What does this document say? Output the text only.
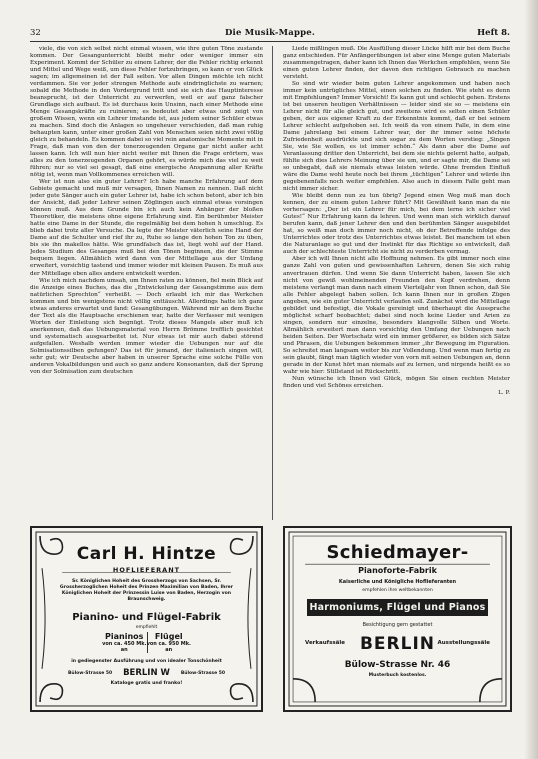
32	Die Musik-Mappe.	Heft 8.

viele, die von sich selbst nicht einmal wissen, wie ihre guten Töne zustande kommen. Der Gesangunterricht bleibt mehr oder weniger immer ein Experiment. Kommt der Schüler zu einem Lehrer, der die Fehler richtig erkennt und Mittel und Wege weiß, um diese Fehler fortzubringen, so kann er von Glück sagen; im allgemeinen ist der Fall selten. Vor allen Dingen möchte ich nicht verdammen. Sie vor jeder strengen Methode aufs eindringlichste zu warnen; sobald die Methode in den Vordergrund tritt und sie sich das Hauptinteresse beansprucht, ist der Unterricht zu verwerfen, weil er auf ganz falscher Grundlage sich aufbaut. Es ist durchaus kein Unsinn, nach einer Methode eine Menge Gesangskräfte zu ruinieren; es bedeutet aber etwas und zeigt von großem Wissen, wenn ein Lehrer imstande ist, aus jedem seiner Schüler etwas zu machen. Sind doch die Anlagen so ungeheuer verschieden, daß man ruhig behaupten kann, unter einer großen Zahl von Menschen seien nicht zwei völlig gleich zu behandeln. Es kommen dabei so viel rein anatomische Momente mit in Frage, daß man von den der tonerzeugenden Organe gar nicht außer acht lassen kann. Ich will nun hier nicht weiter mit Ihnen die Frage erörtern, was alles zu den tonerzeugenden Organen gehört, es würde mich das viel zu weit führen; nur so viel sei gesagt, daß eine energische Anspannung aller Kräfte nötig ist, wenn man Vollkommenes erreichen will.

Wer ist nun also ein guter Lehrer? Ich habe manche Erfahrung auf dem Gebiete gemacht und muß mir versagen, Ihnen Namen zu nennen. Daß nicht jeder gute Sänger auch ein guter Lehrer ist, habe ich schon betont, aber ich bin der Ansicht, daß jeder Lehrer seinen Zöglingen auch einmal etwas vorsingen können muß. Aus dem Grunde bin ich auch kein Anhänger der bloßen Theoretiker, die meistens ohne eigene Erfahrung sind. Ein berühmter Meister hatte eine Dame in der Stunde, die regelmäßig bei dem hohen h umschlug. Es blieb dabei trotz aller Versuche. Da legte der Meister väterlich seine Hand der Dame auf die Schulter und rief ihr zu, Ruhe so lange den hohen Ton zu üben, bis sie ihn makellos hätte. Wie grundfalsch das ist, liegt wohl auf der Hand. Jedes Studium des Gesanges muß bei den Tönen beginnen, die der Stimme bequem liegen. Allmählich wird dann von der Mittellage aus der Umfang erweitert, vorsichtig tastend und immer wieder mit kleinen Pausen. Es muß aus der Mittellage eben alles andere entwickelt werden.

Wie ich mich nachdem umsah, um Ihnen raten zu können, fiel mein Blick auf die Anzeige eines Buches, das die „Entwickelung der Gesangstimme aus dem natürlichen Sprechton“ verheißt. — Doch erlaubt ich mir das Werkchen kommen und bin wenigstens nicht völlig enttäuscht. Allerdings hatte ich ganz etwas anderes erwartet und fand: Gesangübungen. Während mir an dem Buche der Text als die Hauptsache erschienen war, hatte der Verfasser mit wenigen Worten der Einleitung sich begnügt. Trotz dieses Mangels aber muß ich anerkennen, daß das Uebungsmaterial von Herrn Brömme trefflich gesichtet und systematisch ausgearbeitet ist. Nur etwas ist mir auch dabei störend aufgefallen. Weshalb werden immer wieder die Uebungen nur auf die Solmisationssilben gefungen? Das ist für jemand, der italienisch singen will, sehr gut; wir Deutsche aber haben in unserer Sprache eine solche Fülle von anderen Vokalbildungen und auch so ganz andere Konsonanten, daß der Sprung von der Solmisation zum deutschen

Liede mißlingen muß. Die Ausfüllung dieser Lücke hilft mir bei dem Buche ganz entschieden. Für Anfängerübungen ist aber eine Menge guten Materials zusammengetragen, daher kann ich Ihnen das Werkchen empfehlen, wenn Sie einen guten Lehrer finden, der davon den richtigen Gebrauch zu machen versteht.

So sind wir wieder beim guten Lehrer angekommen und haben noch immer kein untrügliches Mittel, einen solchen zu finden. Wie steht es denn mit Empfehlungen? Immer Vorsicht! Es kann gut und schlecht gehen. Erstens ist bei unseren heutigen Verhältnissen — leider sind sie so — meistens ein Lehrer nicht für alle gleich gut, und zweitens wird es selten einen Schüler geben, der aus eigener Kraft zu der Erkenntnis kommt, daß er bei seinem Lehrer schlecht aufgehoben sei. Ich weiß da von einem Falle, in dem eine Dame jahrelang bei einem Lehrer war, der ihr immer seine höchste Zufriedenheit ausdrückte und sich sogar zu dem Worten verstieg: „Singen Sie, wie Sie wollen, es ist immer schön.“ Als dann aber die Dame auf Veranlassung dritter den Unterricht, bei dem sie nichts gelernt hatte, aufgab, fühlte sich dies Lehrers Meinung über sie um, und er sagte mir, die Dame sei so unbegabt, daß sie niemals etwas leisten würde. Ohne fremden Einfluß wäre die Dame wohl heute noch bei ihrem „tüchtigen“ Lehrer und würde ihn gegebenenfalls noch weiter empfehlen. Also auch in diesem Falle geht man nicht immer sicher.

Wie bleibt denn nun zu tun übrig? Jegend einen Weg muß man doch kennen, der zu einem guten Lehrer führt? Mit Gewißheit kann man da nie vorhersagen: „Der ist ein Lehrer für mich, bei dem lerne ich sicher viel Gutes!“ Nur Erfahrung kann da lehren. Und wenn man sich wirklich darauf berufen kann, daß jener Lehrer den und den berühmten Sänger ausgebildet hat, so weiß man doch immer noch nicht, ob der Betreffende infolge des Unterrichtes oder trotz des Unterrichtes etwas leistet. Bei manchem ist eben die Naturanlage so gut und der Instinkt für das Richtige so entwickelt, daß auch der schlechteste Unterricht sie nicht zu verderben vermag.

Aber ich will Ihnen nicht alle Hoffnung nehmen. Es gibt immer noch eine ganze Zahl von guten und gewissenhaften Lehrern, denen Sie sich ruhig anvertrauen dürfen. Und wenn Sie dann Unterricht haben, lassen Sie sich nicht von gewiß wohlmeinenden Freunden den Kopf verdrehen, denn meistens verlangt man dann nach einem Vierteljahr von Ihnen schon, daß Sie alle Fehler abgelegt haben sollen. Ich kann Ihnen nur in großen Zügen angeben, wie ein guter Unterricht verlaufen soll. Zunächst wird die Mittellage gebildet und befestigt, die Vokale gereinigt und überhaupt die Aussprache möglichst scharf beobachtet; dabei sind noch keine Lieder und Arien zu singen, sondern nur einzelne, besonders klangvolle Silben und Worte. Allmählich erweitert man dann vorsichtig den Umfang der Uebungen nach beiden Seiten. Der Wortschatz wird ein immer größerer, es bilden sich Sätze und Phrasen, die Uebungen bekommen immer „ihr Bewegung im Figuration. So schreitet man langsam weiter bis zur Vollendung. Und wenn man fertig zu sein glaubt, fängt man täglich wieder von vorn mit seinen Uebungen an, denn gerade in der Kunst hört man niemals auf zu lernen, und nirgends heißt es so wahr wie hier: Stillstand ist Rückschritt.

Nun wünsche ich Ihnen viel Glück, mögen Sie einen rechten Meister finden und viel Schönes erreichen.

L. P.
Carl H. Hintze
HOFLIEFERANT
Sr. Königlichen Hoheit des Grossherzogs von Sachsen, Sr. Grossherzoglichen Hoheit des Prinzen Maximilian von Baden, Ihrer Königlichen Hoheit der Prinzessin Luise von Baden, Herzogin von Braunschweig.
Pianino- und Flügel-Fabrik
empfiehlt
Pianinos
von ca. 450 Mk. an
Flügel
von ca. 950 Mk. an
in gediegenster Ausführung und von idealer Tonschönheit
Bülow-Strasse 50	BERLIN W	Bülow-Strasse 50
Kataloge gratis und franko!
Schiedmayer-
Pianoforte-Fabrik
Kaiserliche und Königliche Hoflieferanten
empfehlen ihre weltbekannten
Harmoniums, Flügel und Pianos
Besichtigung gern gestattet
Verkaufssäle BERLIN Ausstellungssäle
Bülow-Strasse Nr. 46
Musterbuch kostenlos.
